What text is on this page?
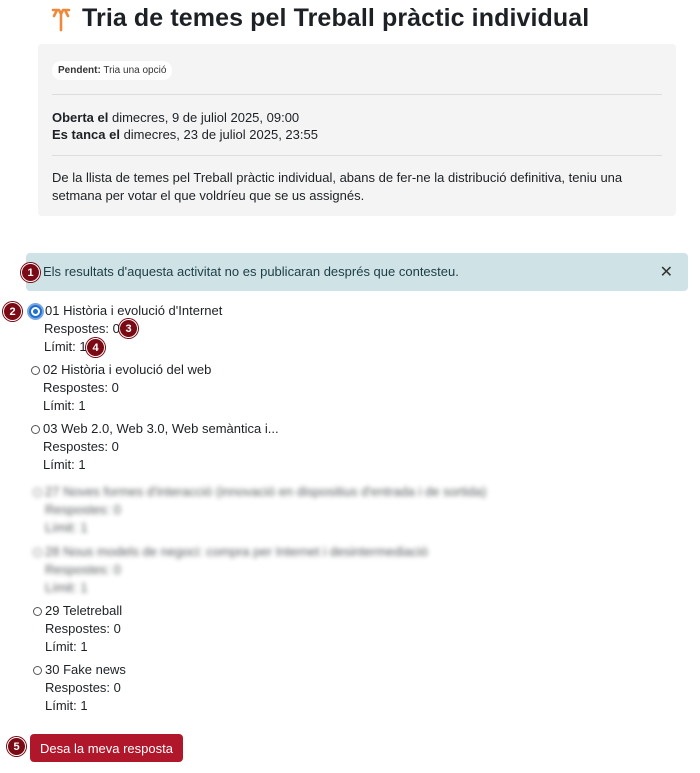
Tria de temes pel Treball pràctic individual
Pendent: Tria una opció
Oberta el dimecres, 9 de juliol 2025, 09:00
Es tanca el dimecres, 23 de juliol 2025, 23:55
De la llista de temes pel Treball pràctic individual, abans de fer-ne la distribució definitiva, teniu una setmana per votar el que voldríeu que se us assignés.
Els resultats d'aquesta activitat no es publicaran després que contesteu.	✕
1
2
3
4
5
01 Història i evolució d'Internet
Respostes: 0
Límit: 1
02 Història i evolució del web
Respostes: 0
Límit: 1
03 Web 2.0, Web 3.0, Web semàntica i...
Respostes: 0
Límit: 1
27 Noves formes d'interacció (innovació en dispositius d'entrada i de sortida)
Respostes: 0
Límit: 1
28 Nous models de negoci: compra per Internet i desintermediació
Respostes: 0
Límit: 1
29 Teletreball
Respostes: 0
Límit: 1
30 Fake news
Respostes: 0
Límit: 1
Desa la meva resposta
